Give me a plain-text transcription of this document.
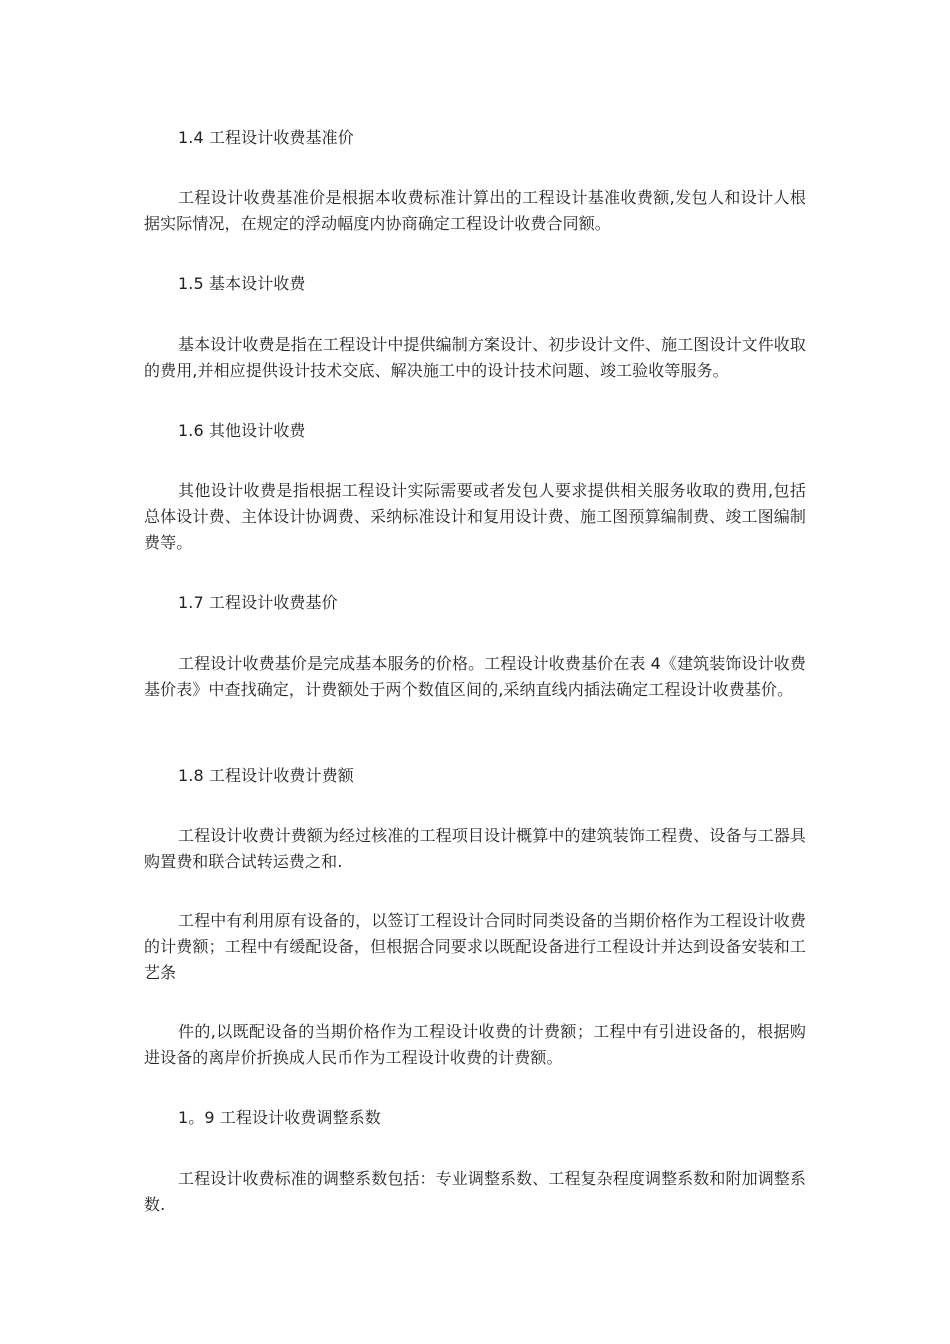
1.4 工程设计收费基准价

工程设计收费基准价是根据本收费标准计算出的工程设计基准收费额,发包人和设计人根据实际情况，在规定的浮动幅度内协商确定工程设计收费合同额。

1.5 基本设计收费

基本设计收费是指在工程设计中提供编制方案设计、初步设计文件、施工图设计文件收取的费用,并相应提供设计技术交底、解决施工中的设计技术问题、竣工验收等服务。

1.6 其他设计收费

其他设计收费是指根据工程设计实际需要或者发包人要求提供相关服务收取的费用,包括总体设计费、主体设计协调费、采纳标准设计和复用设计费、施工图预算编制费、竣工图编制费等。

1.7 工程设计收费基价

工程设计收费基价是完成基本服务的价格。工程设计收费基价在表 4《建筑装饰设计收费基价表》中查找确定，计费额处于两个数值区间的,采纳直线内插法确定工程设计收费基价。

1.8 工程设计收费计费额

工程设计收费计费额为经过核准的工程项目设计概算中的建筑装饰工程费、设备与工器具购置费和联合试转运费之和.

工程中有利用原有设备的，以签订工程设计合同时同类设备的当期价格作为工程设计收费的计费额；工程中有缓配设备，但根据合同要求以既配设备进行工程设计并达到设备安装和工艺条

件的,以既配设备的当期价格作为工程设计收费的计费额；工程中有引进设备的，根据购进设备的离岸价折换成人民币作为工程设计收费的计费额。

1。9 工程设计收费调整系数

工程设计收费标准的调整系数包括：专业调整系数、工程复杂程度调整系数和附加调整系数.
